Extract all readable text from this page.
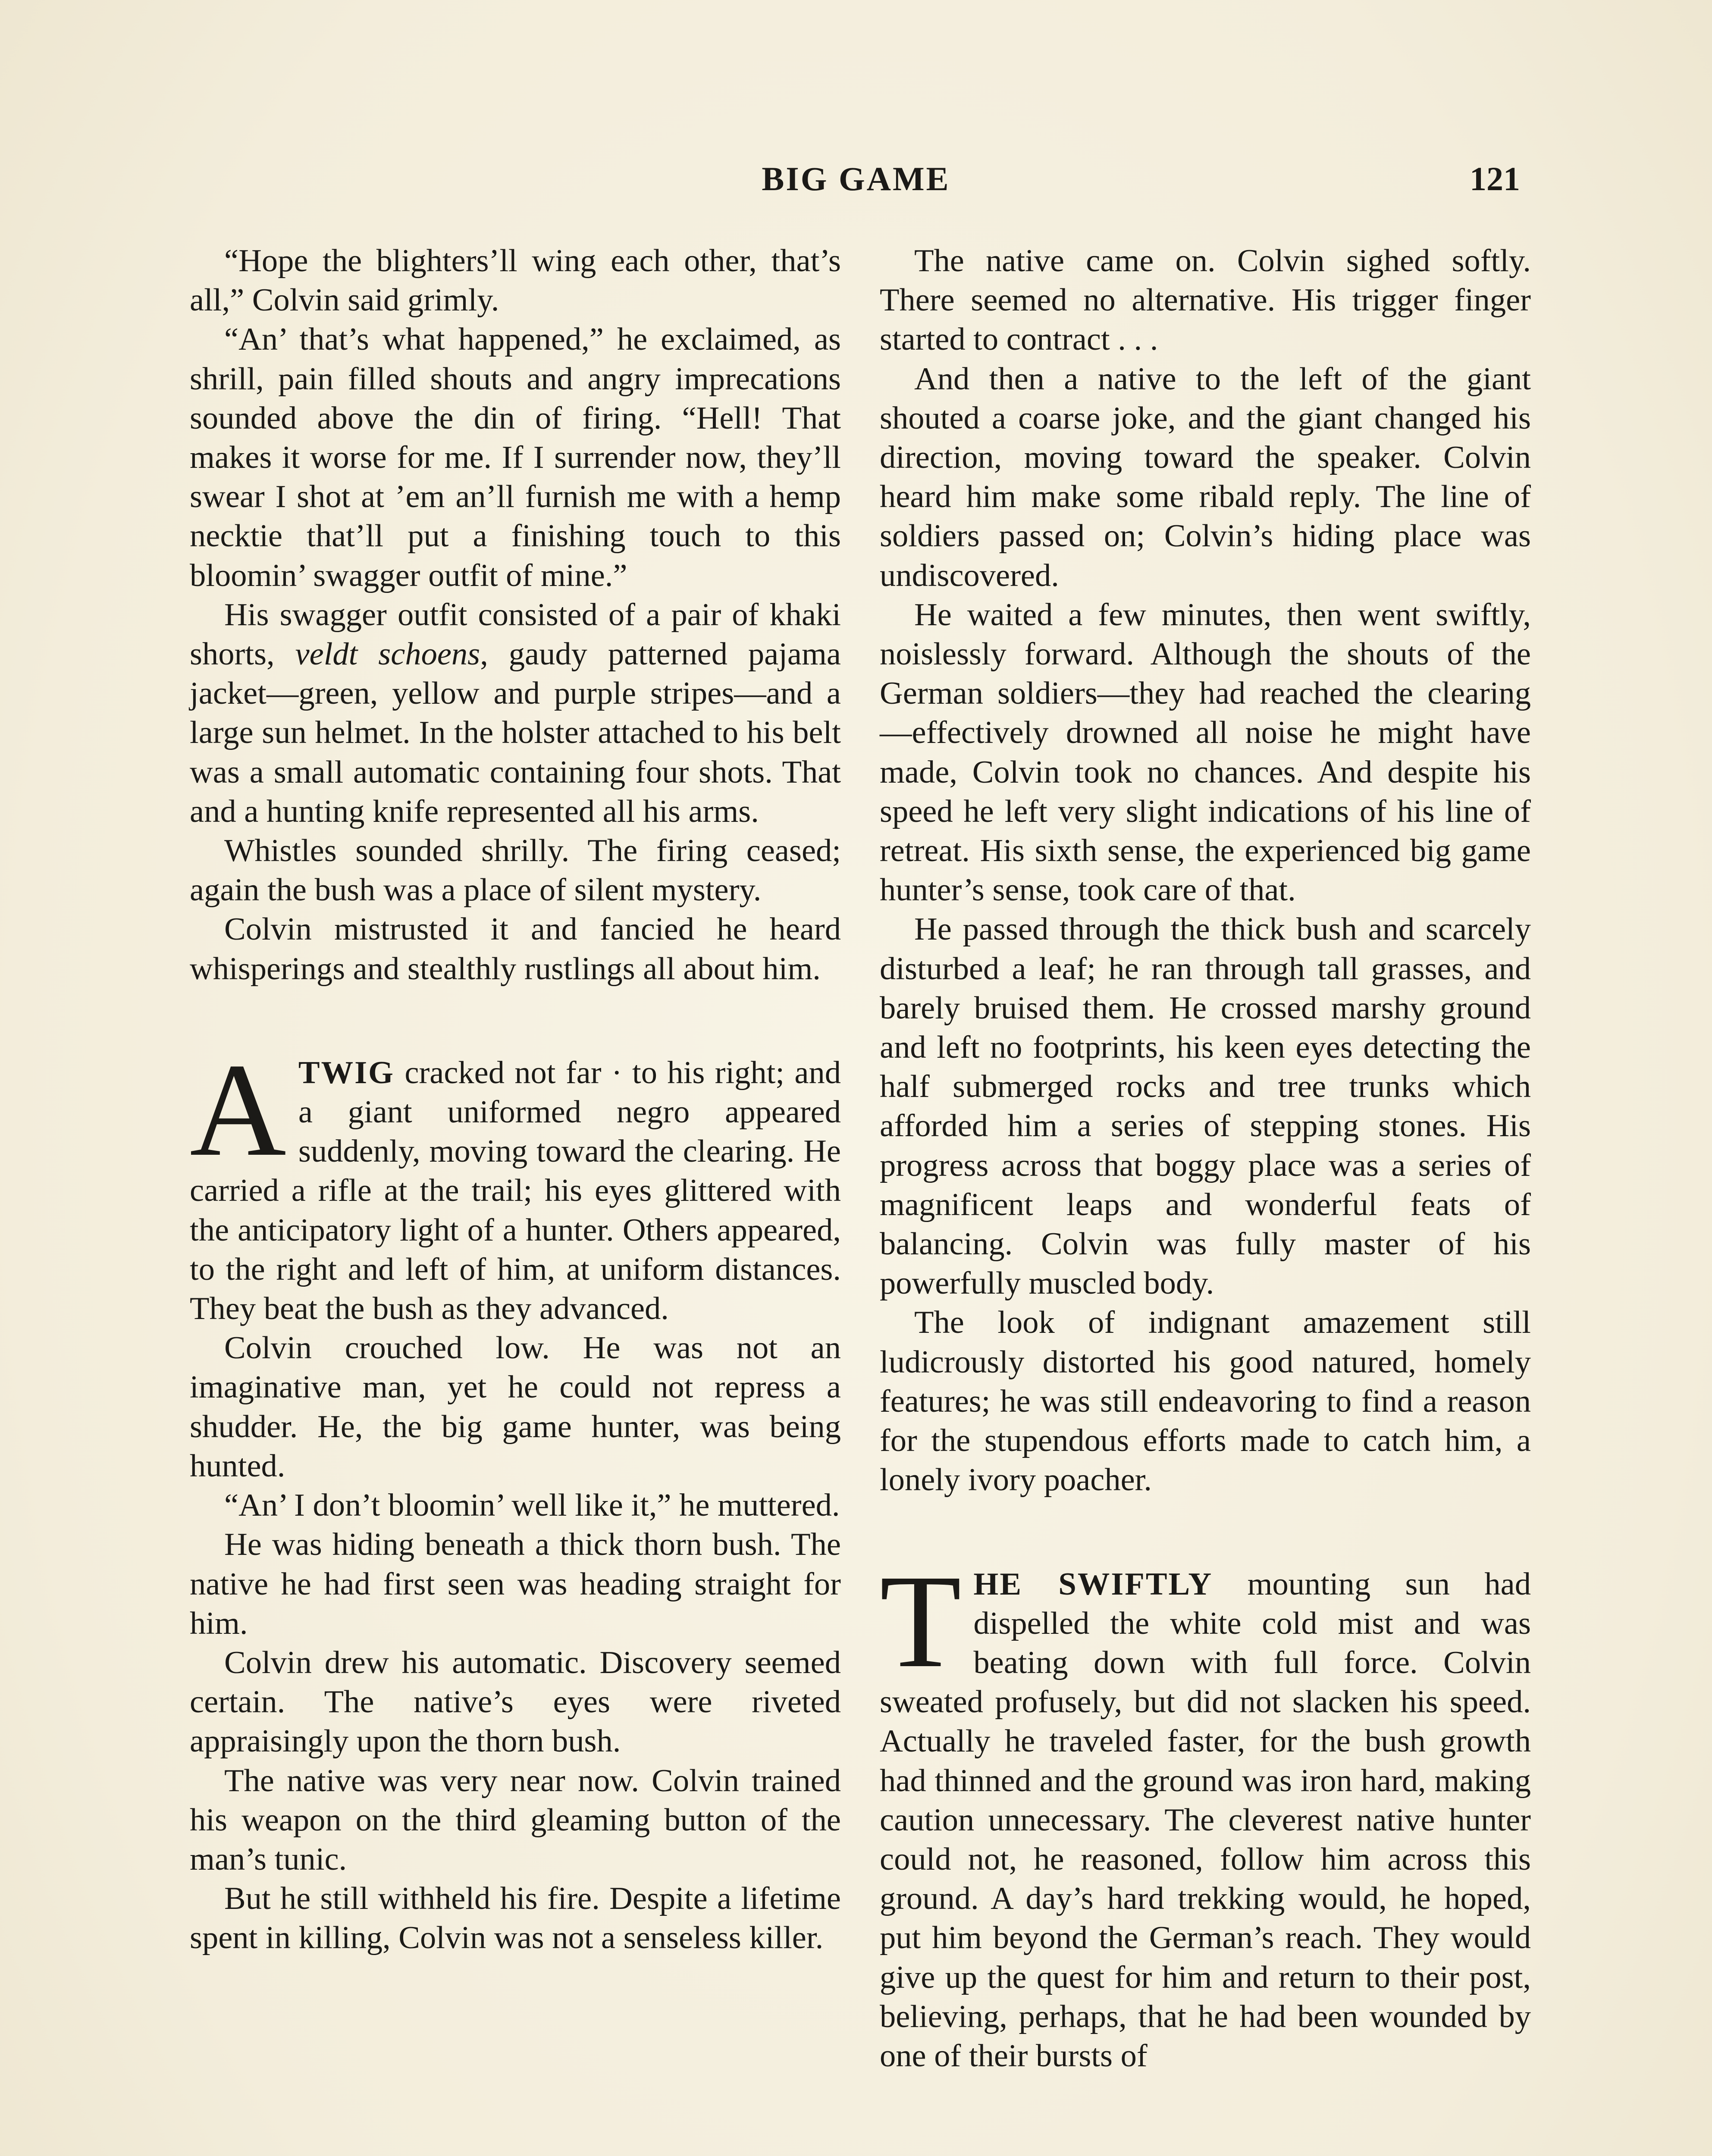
BIG GAME	121

“Hope the blighters’ll wing each other, that’s all,” Colvin said grimly.

“An’ that’s what happened,” he exclaimed, as shrill, pain filled shouts and angry imprecations sounded above the din of firing. “Hell! That makes it worse for me. If I surrender now, they’ll swear I shot at ’em an’ll furnish me with a hemp necktie that’ll put a finishing touch to this bloomin’ swagger outfit of mine.”

His swagger outfit consisted of a pair of khaki shorts, veldt schoens, gaudy patterned pajama jacket—green, yellow and purple stripes—and a large sun helmet. In the holster attached to his belt was a small automatic containing four shots. That and a hunting knife represented all his arms.

Whistles sounded shrilly. The firing ceased; again the bush was a place of silent mystery.

Colvin mistrusted it and fancied he heard whisperings and stealthly rustlings all about him.

ATWIG cracked not far · to his right; and a giant uniformed negro appeared suddenly, moving toward the clearing. He carried a rifle at the trail; his eyes glittered with the anticipatory light of a hunter. Others appeared, to the right and left of him, at uniform distances. They beat the bush as they advanced.

Colvin crouched low. He was not an imaginative man, yet he could not repress a shudder. He, the big game hunter, was being hunted.

“An’ I don’t bloomin’ well like it,” he muttered.

He was hiding beneath a thick thorn bush. The native he had first seen was heading straight for him.

Colvin drew his automatic. Discovery seemed certain. The native’s eyes were riveted appraisingly upon the thorn bush.

The native was very near now. Colvin trained his weapon on the third gleaming button of the man’s tunic.

But he still withheld his fire. Despite a lifetime spent in killing, Colvin was not a senseless killer.

The native came on. Colvin sighed softly. There seemed no alternative. His trigger finger started to contract . . .

And then a native to the left of the giant shouted a coarse joke, and the giant changed his direction, moving toward the speaker. Colvin heard him make some ribald reply. The line of soldiers passed on; Colvin’s hiding place was undiscovered.

He waited a few minutes, then went swiftly, noislessly forward. Although the shouts of the German soldiers—they had reached the clearing—effectively drowned all noise he might have made, Colvin took no chances. And despite his speed he left very slight indications of his line of retreat. His sixth sense, the experienced big game hunter’s sense, took care of that.

He passed through the thick bush and scarcely disturbed a leaf; he ran through tall grasses, and barely bruised them. He crossed marshy ground and left no footprints, his keen eyes detecting the half submerged rocks and tree trunks which afforded him a series of stepping stones. His progress across that boggy place was a series of magnificent leaps and wonderful feats of balancing. Colvin was fully master of his powerfully muscled body.

The look of indignant amazement still ludicrously distorted his good natured, homely features; he was still endeavoring to find a reason for the stupendous efforts made to catch him, a lonely ivory poacher.

THE SWIFTLY mounting sun had dispelled the white cold mist and was beating down with full force. Colvin sweated profusely, but did not slacken his speed. Actually he traveled faster, for the bush growth had thinned and the ground was iron hard, making caution unnecessary. The cleverest native hunter could not, he reasoned, follow him across this ground. A day’s hard trekking would, he hoped, put him beyond the German’s reach. They would give up the quest for him and return to their post, believing, perhaps, that he had been wounded by one of their bursts of
